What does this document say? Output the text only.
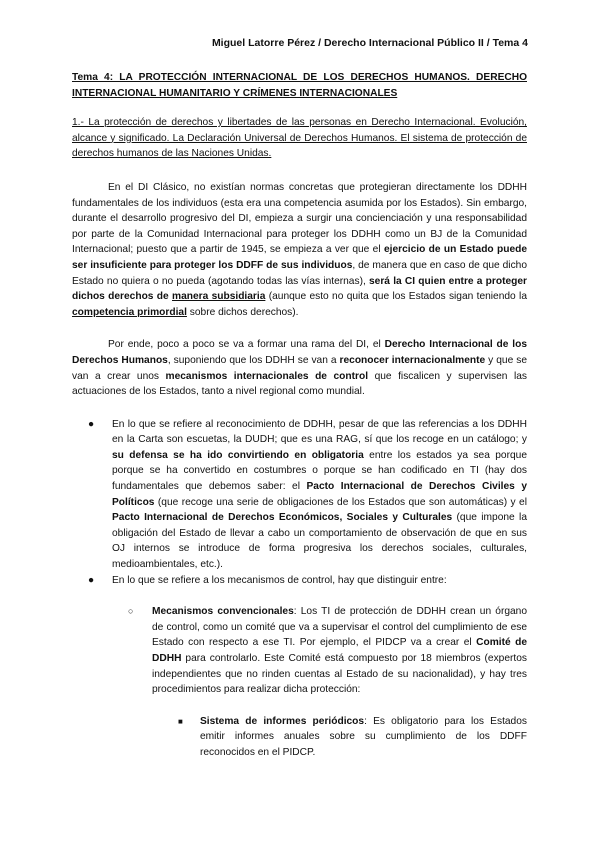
Miguel Latorre Pérez / Derecho Internacional Público II / Tema 4
Tema 4: LA PROTECCIÓN INTERNACIONAL DE LOS DERECHOS HUMANOS. DERECHO INTERNACIONAL HUMANITARIO Y CRÍMENES INTERNACIONALES
1.- La protección de derechos y libertades de las personas en Derecho Internacional. Evolución, alcance y significado. La Declaración Universal de Derechos Humanos. El sistema de protección de derechos humanos de las Naciones Unidas.

En el DI Clásico, no existían normas concretas que protegieran directamente los DDHH fundamentales de los individuos (esta era una competencia asumida por los Estados). Sin embargo, durante el desarrollo progresivo del DI, empieza a surgir una concienciación y una responsabilidad por parte de la Comunidad Internacional para proteger los DDHH como un BJ de la Comunidad Internacional; puesto que a partir de 1945, se empieza a ver que el ejercicio de un Estado puede ser insuficiente para proteger los DDFF de sus individuos, de manera que en caso de que dicho Estado no quiera o no pueda (agotando todas las vías internas), será la CI quien entre a proteger dichos derechos de manera subsidiaria (aunque esto no quita que los Estados sigan teniendo la competencia primordial sobre dichos derechos).

Por ende, poco a poco se va a formar una rama del DI, el Derecho Internacional de los Derechos Humanos, suponiendo que los DDHH se van a reconocer internacionalmente y que se van a crear unos mecanismos internacionales de control que fiscalicen y supervisen las actuaciones de los Estados, tanto a nivel regional como mundial.

● En lo que se refiere al reconocimiento de DDHH, pesar de que las referencias a los DDHH en la Carta son escuetas, la DUDH; que es una RAG, sí que los recoge en un catálogo; y su defensa se ha ido convirtiendo en obligatoria entre los estados ya sea porque porque se ha convertido en costumbres o porque se han codificado en TI (hay dos fundamentales que debemos saber: el Pacto Internacional de Derechos Civiles y Políticos (que recoge una serie de obligaciones de los Estados que son automáticas) y el Pacto Internacional de Derechos Económicos, Sociales y Culturales (que impone la obligación del Estado de llevar a cabo un comportamiento de observación de que en sus OJ internos se introduce de forma progresiva los derechos sociales, culturales, medioambientales, etc.).
● En lo que se refiere a los mecanismos de control, hay que distinguir entre:
○ Mecanismos convencionales: Los TI de protección de DDHH crean un órgano de control, como un comité que va a supervisar el control del cumplimiento de ese Estado con respecto a ese TI. Por ejemplo, el PIDCP va a crear el Comité de DDHH para controlarlo. Este Comité está compuesto por 18 miembros (expertos independientes que no rinden cuentas al Estado de su nacionalidad), y hay tres procedimientos para realizar dicha protección:
■ Sistema de informes periódicos: Es obligatorio para los Estados emitir informes anuales sobre su cumplimiento de los DDFF reconocidos en el PIDCP.
